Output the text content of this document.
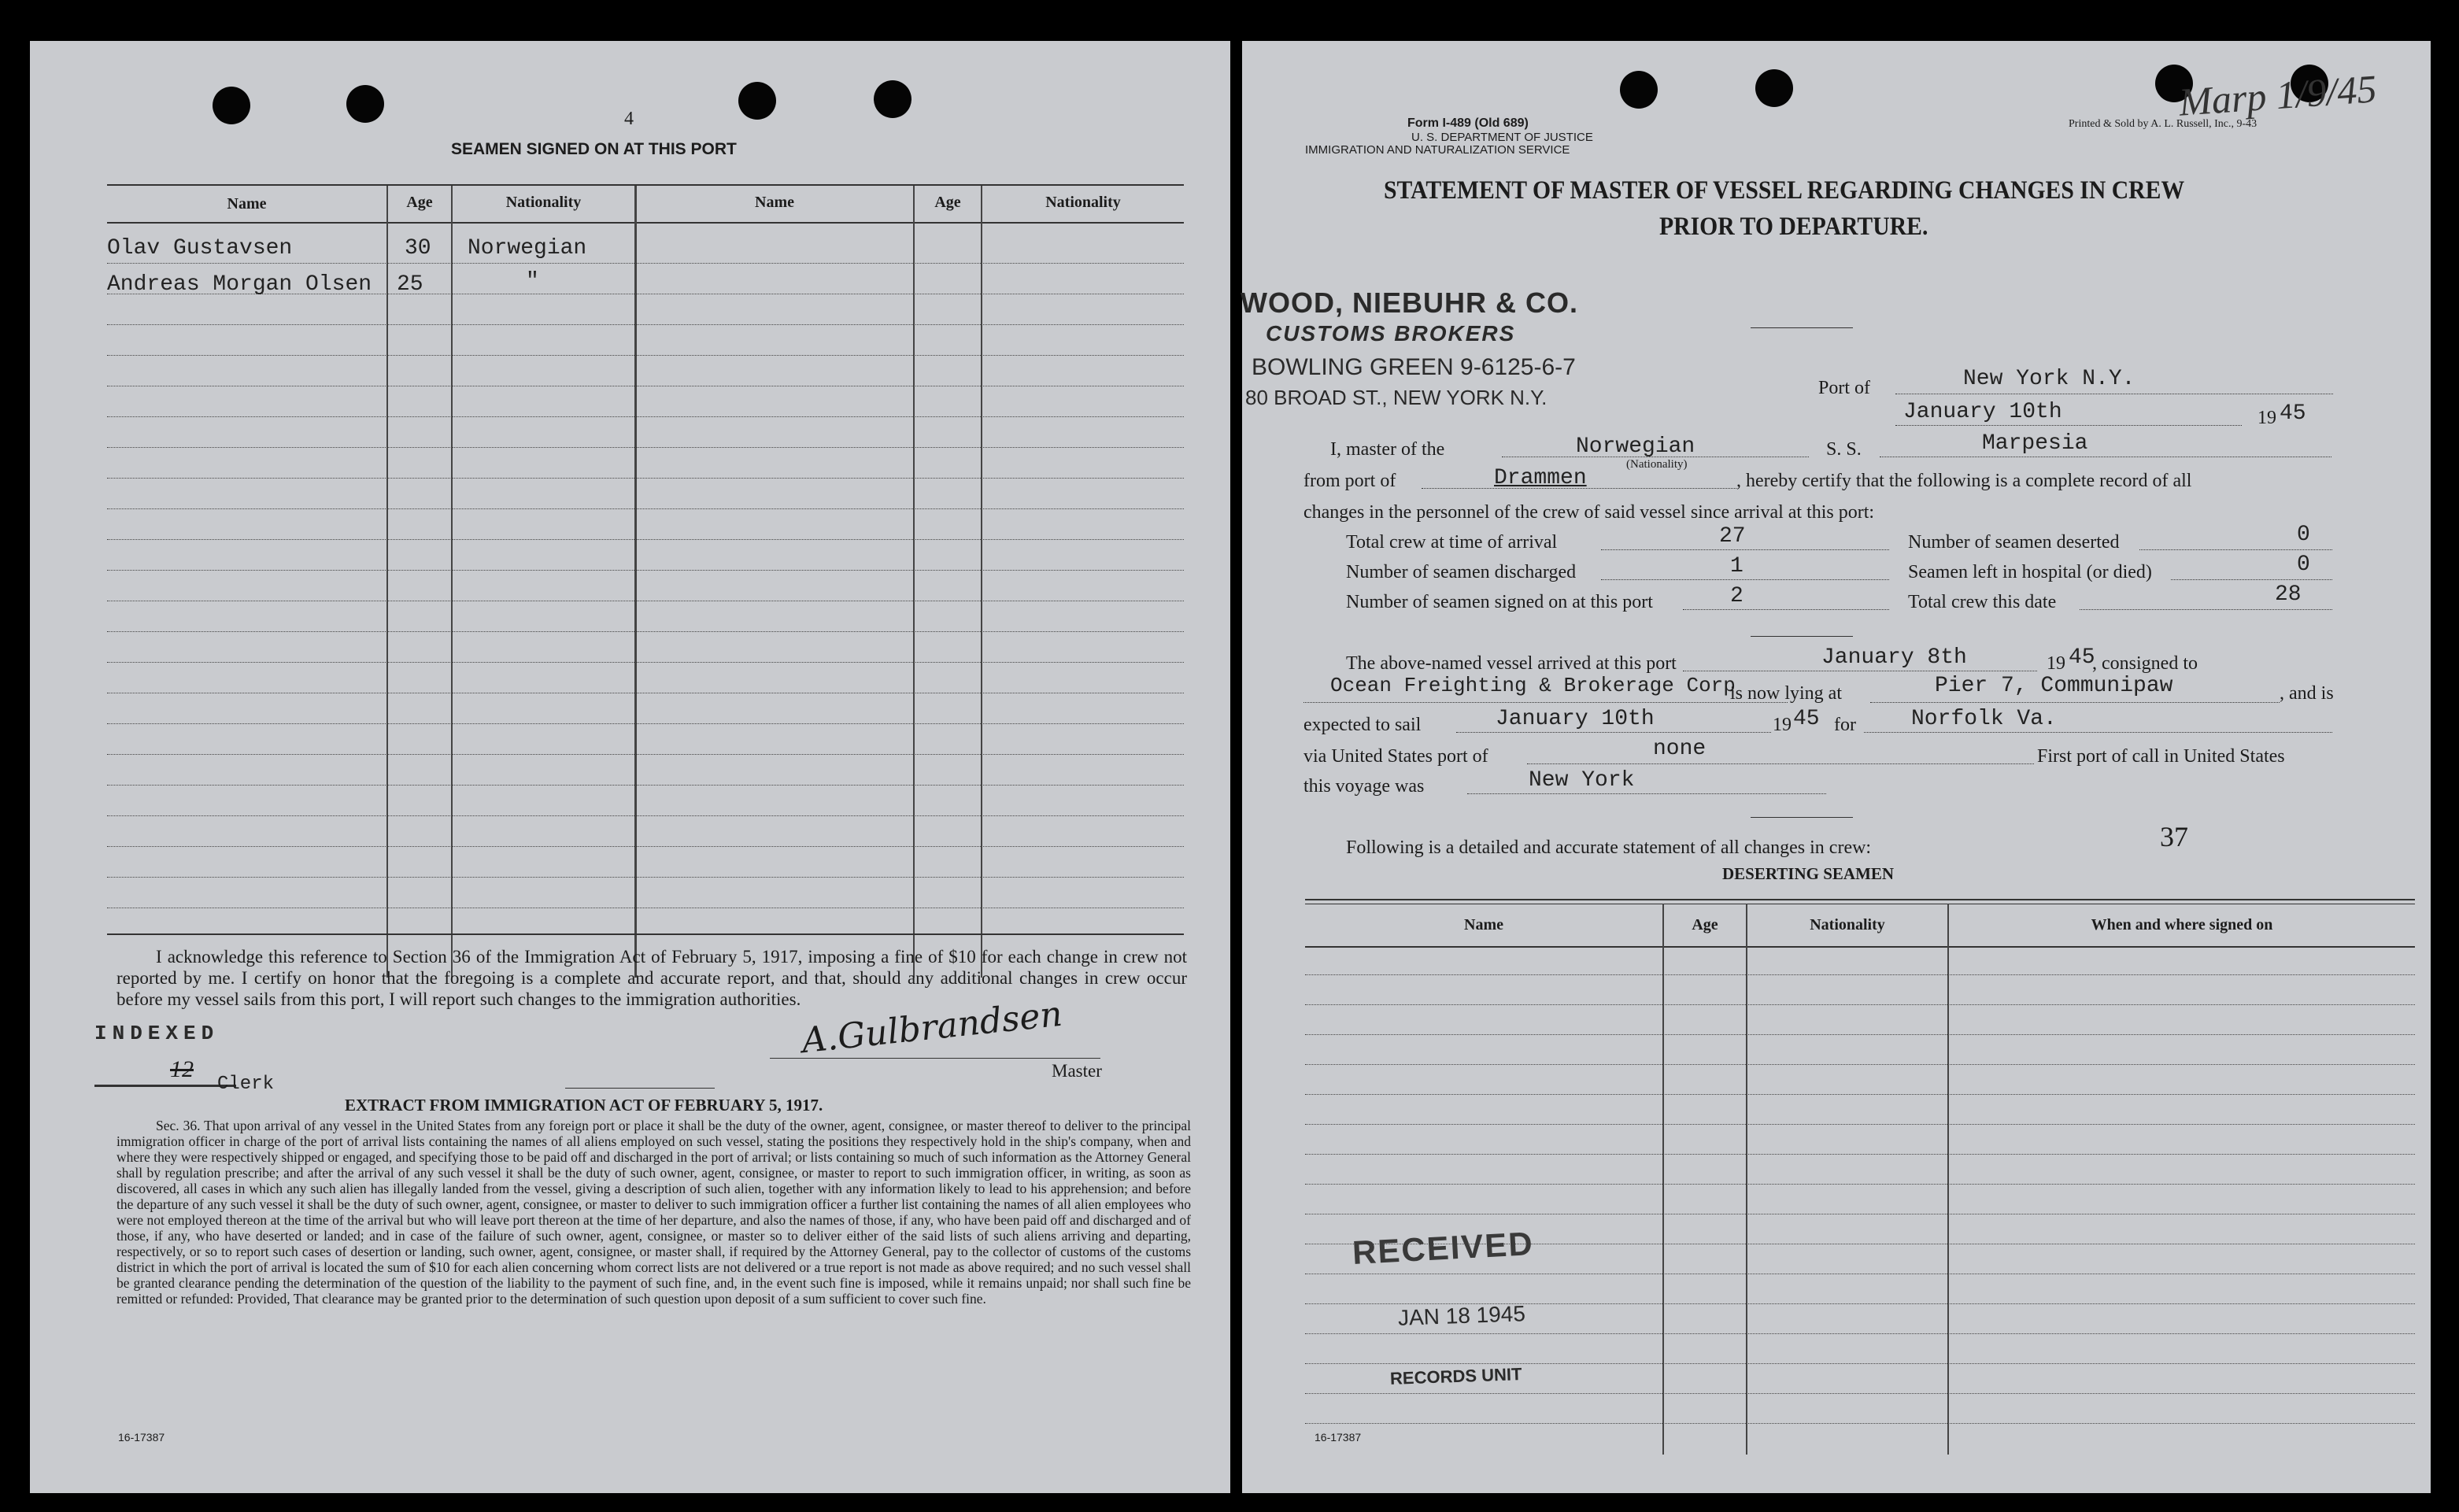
4
SEAMEN SIGNED ON AT THIS PORT
Name	Age	Nationality	Name	Age	Nationality
Olav Gustavsen	30 Norwegian
Andreas Morgan Olsen 25	"
I acknowledge this reference to Section 36 of the Immigration Act of February 5, 1917, imposing a fine of $10 for each change in crew not reported by me. I certify on honor that the foregoing is a complete and accurate report, and that, should any additional changes in crew occur before my vessel sails from this port, I will report such changes to the immigration authorities.
INDEXED	A.Gulbrandsen
Master
12
Clerk
EXTRACT FROM IMMIGRATION ACT OF FEBRUARY 5, 1917.
Sec. 36. That upon arrival of any vessel in the United States from any foreign port or place it shall be the duty of the owner, agent, consignee, or master thereof to deliver to the principal immigration officer in charge of the port of arrival lists containing the names of all aliens employed on such vessel, stating the positions they respectively hold in the ship's company, when and where they were respectively shipped or engaged, and specifying those to be paid off and discharged in the port of arrival; or lists containing so much of such information as the Attorney General shall by regulation prescribe; and after the arrival of any such vessel it shall be the duty of such owner, agent, consignee, or master to report to such immigration officer, in writing, as soon as discovered, all cases in which any such alien has illegally landed from the vessel, giving a description of such alien, together with any information likely to lead to his apprehension; and before the departure of any such vessel it shall be the duty of such owner, agent, consignee, or master to deliver to such immigration officer a further list containing the names of all alien employees who were not employed thereon at the time of the arrival but who will leave port thereon at the time of her departure, and also the names of those, if any, who have been paid off and discharged and of those, if any, who have deserted or landed; and in case of the failure of such owner, agent, consignee, or master so to deliver either of the said lists of such aliens arriving and departing, respectively, or so to report such cases of desertion or landing, such owner, agent, consignee, or master shall, if required by the Attorney General, pay to the collector of customs of the customs district in which the port of arrival is located the sum of $10 for each alien concerning whom correct lists are not delivered or a true report is not made as above required; and no such vessel shall be granted clearance pending the determination of the question of the liability to the payment of such fine, and, in the event such fine is imposed, while it remains unpaid; nor shall such fine be remitted or refunded: Provided, That clearance may be granted prior to the determination of such question upon deposit of a sum sufficient to cover such fine.
16-17387
Marp 1/9/45
Form I-489 (Old 689)
U. S. DEPARTMENT OF JUSTICE
IMMIGRATION AND NATURALIZATION SERVICE
Printed & Sold by A. L. Russell, Inc., 9-43
STATEMENT OF MASTER OF VESSEL REGARDING CHANGES IN CREW
PRIOR TO DEPARTURE.
WOOD, NIEBUHR & CO.
CUSTOMS BROKERS
BOWLING GREEN 9-6125-6-7
80 BROAD ST., NEW YORK N.Y.	Port of	New York N.Y.
January 10th	19 45
I, master of the	Norwegian
(Nationality)
S. S.	Marpesia
from port of	Drammen	, hereby certify that the following is a complete record of all
changes in the personnel of the crew of said vessel since arrival at this port:
Total crew at time of arrival	27
Number of seamen discharged	1
Number of seamen signed on at this port	2
Number of seamen deserted	0
Seamen left in hospital (or died)	0
Total crew this date	28
The above-named vessel arrived at this port	January 8th	19 45
, consigned to
Ocean Freighting & Brokerage Corp
is now lying at	Pier 7, Communipaw	, and is
expected to sail	January 10th	19 45 for	Norfolk Va.
via United States port of	none	First port of call in United States
this voyage was	New York
Following is a detailed and accurate statement of all changes in crew:	37
DESERTING SEAMEN
Name	Age	Nationality	When and where signed on
RECEIVED
JAN 18 1945
RECORDS UNIT
16-17387
